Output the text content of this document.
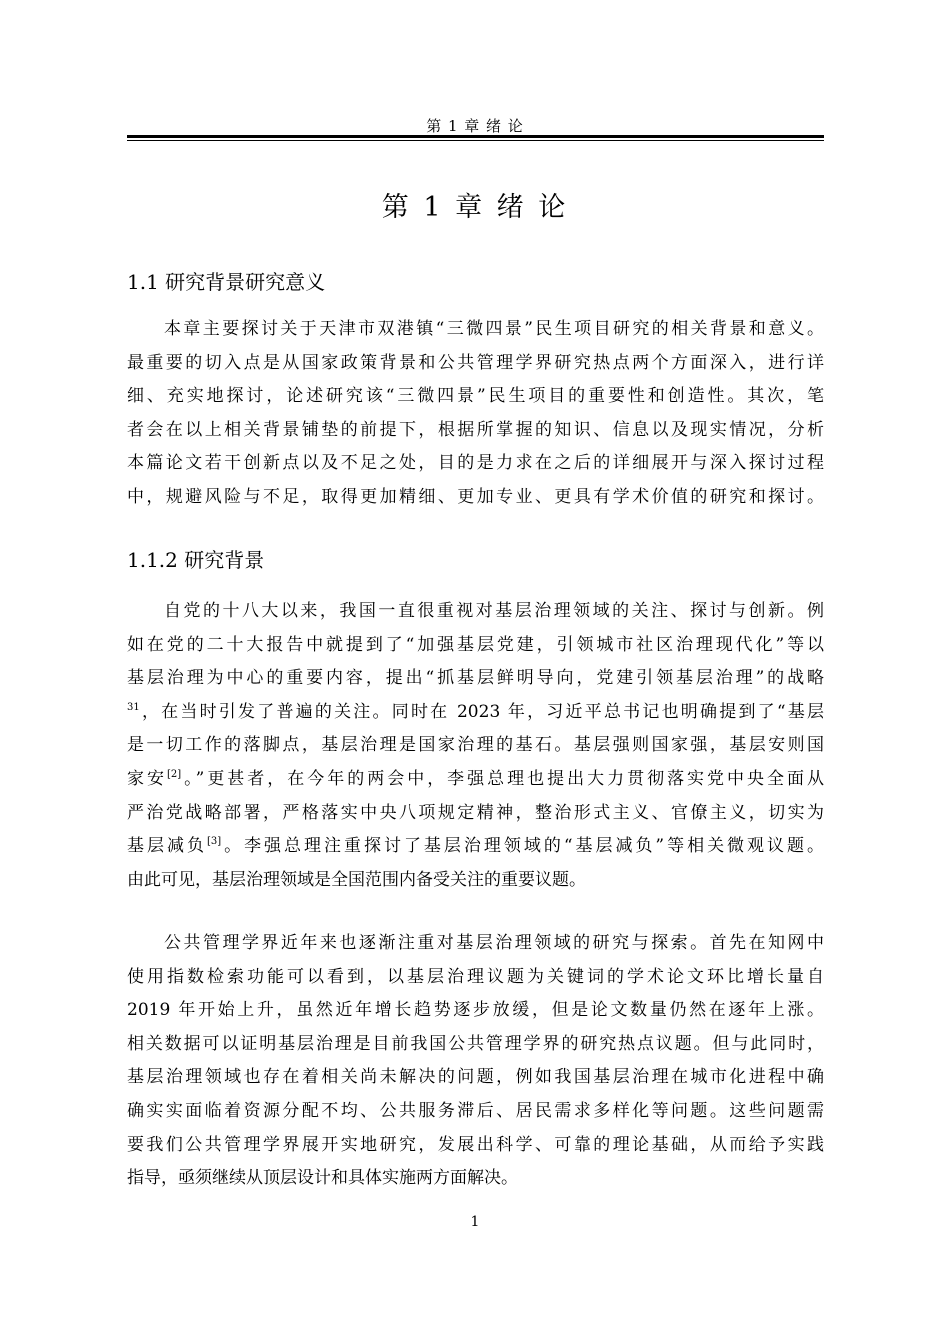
第 1 章 绪 论
第 1 章 绪 论
1.1 研究背景研究意义
本章主要探讨关于天津市双港镇“三微四景”民生项目研究的相关背景和意义。
最重要的切入点是从国家政策背景和公共管理学界研究热点两个方面深入，进行详
细、充实地探讨，论述研究该“三微四景”民生项目的重要性和创造性。其次，笔
者会在以上相关背景铺垫的前提下，根据所掌握的知识、信息以及现实情况，分析
本篇论文若干创新点以及不足之处，目的是力求在之后的详细展开与深入探讨过程
中，规避风险与不足，取得更加精细、更加专业、更具有学术价值的研究和探讨。
1.1.2 研究背景
自党的十八大以来，我国一直很重视对基层治理领域的关注、探讨与创新。例
如在党的二十大报告中就提到了“加强基层党建，引领城市社区治理现代化”等以
基层治理为中心的重要内容，提出“抓基层鲜明导向，党建引领基层治理”的战略
$^{31}$，在当时引发了普遍的关注。同时在 2023 年，习近平总书记也明确提到了“基层
是一切工作的落脚点，基层治理是国家治理的基石。基层强则国家强，基层安则国
家安[2]。”更甚者，在今年的两会中，李强总理也提出大力贯彻落实党中央全面从
严治党战略部署，严格落实中央八项规定精神，整治形式主义、官僚主义，切实为
基层减负[3]。李强总理注重探讨了基层治理领域的“基层减负”等相关微观议题。
由此可见，基层治理领域是全国范围内备受关注的重要议题。
公共管理学界近年来也逐渐注重对基层治理领域的研究与探索。首先在知网中
使用指数检索功能可以看到，以基层治理议题为关键词的学术论文环比增长量自
2019 年开始上升，虽然近年增长趋势逐步放缓，但是论文数量仍然在逐年上涨。
相关数据可以证明基层治理是目前我国公共管理学界的研究热点议题。但与此同时，
基层治理领域也存在着相关尚未解决的问题，例如我国基层治理在城市化进程中确
确实实面临着资源分配不均、公共服务滞后、居民需求多样化等问题。这些问题需
要我们公共管理学界展开实地研究，发展出科学、可靠的理论基础，从而给予实践
指导，亟须继续从顶层设计和具体实施两方面解决。
1
